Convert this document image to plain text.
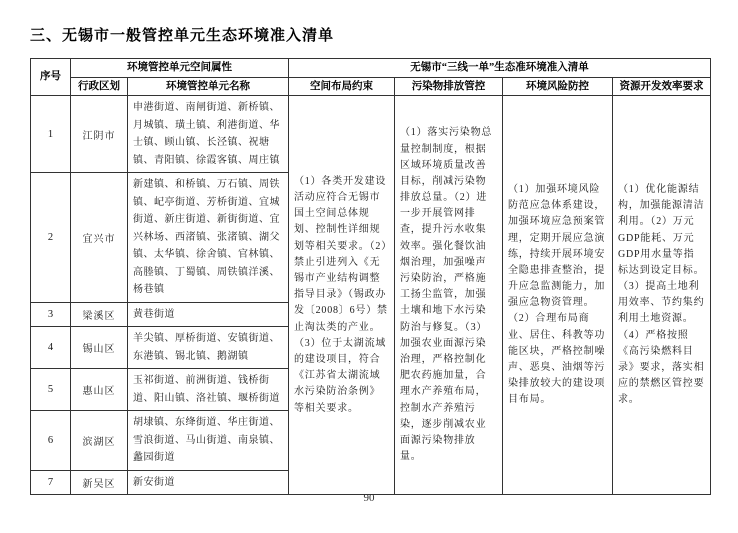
三、无锡市一般管控单元生态环境准入清单
序号	环境管控单元空间属性		无锡市“三线一单”生态准环境准入清单			
	行政区划	环境管控单元名称	空间布局约束	污染物排放管控	环境风险防控	资源开发效率要求
1	江阴市	申港街道、南闸街道、新桥镇、月城镇、璜土镇、利港街道、华士镇、顾山镇、长泾镇、祝塘镇、青阳镇、徐霞客镇、周庄镇	（1）各类开发建设活动应符合无锡市国土空间总体规划、控制性详细规划等相关要求。（2）禁止引进列入《无锡市产业结构调整指导目录》（锡政办发〔2008〕6号）禁止淘汰类的产业。（3）位于太湖流域的建设项目，符合《江苏省太湖流域水污染防治条例》等相关要求。	（1）落实污染物总量控制制度，根据区域环境质量改善目标，削减污染物排放总量。（2）进一步开展管网排查，提升污水收集效率。强化餐饮油烟治理，加强噪声污染防治，严格施工扬尘监管，加强土壤和地下水污染防治与修复。（3）加强农业面源污染治理，严格控制化肥农药施加量，合理水产养殖布局，控制水产养殖污染，逐步削减农业面源污染物排放量。	（1）加强环境风险防范应急体系建设，加强环境应急预案管理，定期开展应急演练，持续开展环境安全隐患排查整治，提升应急监测能力，加强应急物资管理。（2）合理布局商业、居住、科教等功能区块，严格控制噪声、恶臭、油烟等污染排放较大的建设项目布局。	（1）优化能源结构，加强能源清洁利用。（2）万元GDP能耗、万元GDP用水量等指标达到设定目标。（3）提高土地利用效率、节约集约利用土地资源。（4）严格按照《高污染燃料目录》要求，落实相应的禁燃区管控要求。
2	宜兴市	新建镇、和桥镇、万石镇、周铁镇、屺亭街道、芳桥街道、宜城街道、新庄街道、新街街道、宜兴林场、西渚镇、张渚镇、湖父镇、太华镇、徐舍镇、官林镇、高塍镇、丁蜀镇、周铁镇洋溪、杨巷镇				
3	梁溪区	黄巷街道				
4	锡山区	羊尖镇、厚桥街道、安镇街道、东港镇、锡北镇、鹅湖镇				
5	惠山区	玉祁街道、前洲街道、钱桥街道、阳山镇、洛社镇、堰桥街道				
6	滨湖区	胡埭镇、东绛街道、华庄街道、雪浪街道、马山街道、南泉镇、蠡园街道				
7	新吴区	新安街道				
90
